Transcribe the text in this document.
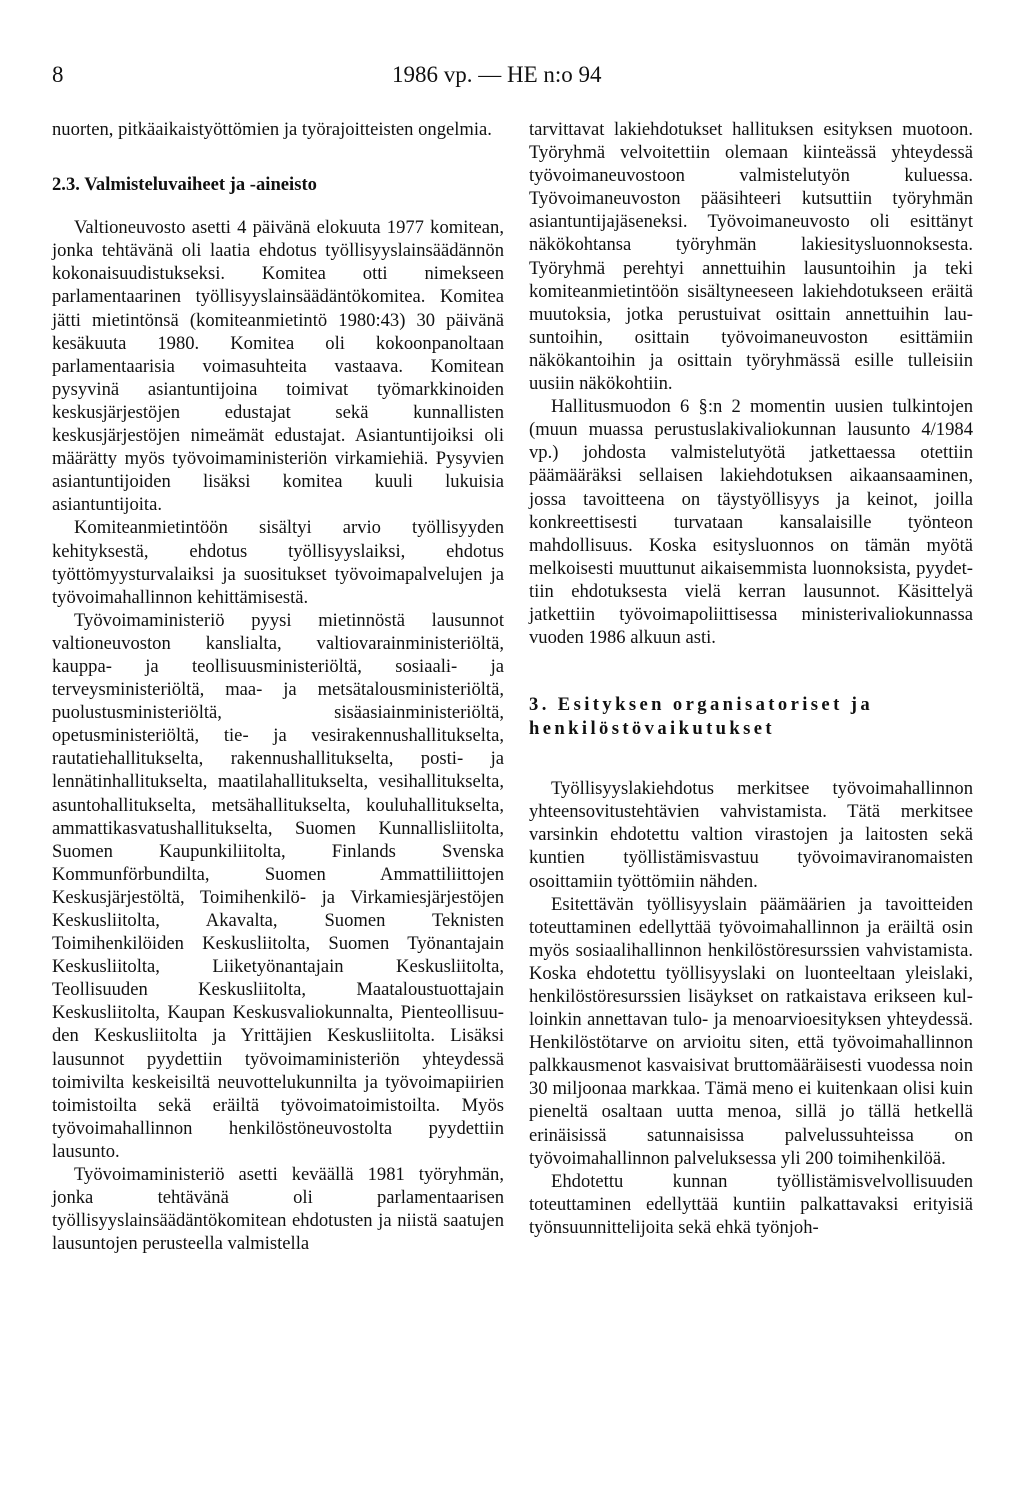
8	1986 vp. — HE n:o 94

nuorten, pitkäaikaistyöttömien ja työrajoitteisten ongelmia.

2.3. Valmisteluvaiheet ja -aineisto

Valtioneuvosto asetti 4 päivänä elokuuta 1977 komitean, jonka tehtävänä oli laatia ehdotus työllisyyslainsäädännön kokonaisuudistukseksi. Komitea otti nimekseen parlamentaarinen työllisyyslainsäädäntökomitea. Komitea jätti mietintönsä (komiteanmietintö 1980:43) 30 päivänä kesäkuuta 1980. Komitea oli kokoonpanoltaan parlamentaarisia voimasuhteita vastaava. Komitean pysyvinä asiantuntijoina toimivat työmarkkinoiden keskusjärjestöjen edustajat sekä kunnallisten keskusjärjestöjen nimeämät edustajat. Asiantuntijoiksi oli määrätty myös työvoimaministeriön virkamiehiä. Pysyvien asiantuntijoiden lisäksi komitea kuuli lukuisia asiantuntijoita.

Komiteanmietintöön sisältyi arvio työllisyyden kehityksestä, ehdotus työllisyyslaiksi, ehdotus työttömyysturvalaiksi ja suositukset työvoimapalvelujen ja työvoimahallinnon kehittämisestä.

Työvoimaministeriö pyysi mietinnöstä lausunnot valtioneuvoston kanslialta, valtiovarainministeriöltä, kauppa- ja teollisuusministeriöltä, sosiaali- ja terveysministeriöltä, maa- ja metsätalousministeriöltä, puolustusministeriöltä, sisäasiainministeriöltä, opetusministeriöltä, tie- ja vesirakennushallitukselta, rautatiehallitukselta, rakennushallitukselta, posti- ja lennätinhallitukselta, maatilahallitukselta, vesihallitukselta, asuntohallitukselta, metsähallitukselta, kouluhallitukselta, ammattikasvatushallitukselta, Suomen Kunnallisliitolta, Suomen Kaupunkiliitolta, Finlands Svenska Kommunförbundilta, Suomen Ammattiliittojen Keskusjärjestöltä, Toimihenkilö- ja Virkamiesjärjestöjen Keskusliitolta, Akavalta, Suomen Teknisten Toimihenkilöiden Keskusliitolta, Suomen Työnantajain Keskusliitolta, Liiketyönantajain Keskusliitolta, Teollisuuden Keskusliitolta, Maataloustuottajain Keskusliitolta, Kaupan Keskusvaliokunnalta, Pienteollisuuden Keskusliitolta ja Yrittäjien Keskusliitolta. Lisäksi lausunnot pyydettiin työvoimaministeriön yhteydessä toimivilta keskeisiltä neuvottelukunnilta ja työvoimapiirien toimistoilta sekä eräiltä työvoimatoimistoilta. Myös työvoimahallinnon henkilöstöneuvostolta pyydettiin lausunto.

Työvoimaministeriö asetti keväällä 1981 työryhmän, jonka tehtävänä oli parlamentaarisen työllisyyslainsäädäntökomitean ehdotusten ja niistä saatujen lausuntojen perusteella valmistella

tarvittavat lakiehdotukset hallituksen esityksen muotoon. Työryhmä velvoitettiin olemaan kiinteässä yhteydessä työvoimaneuvostoon valmistelutyön kuluessa. Työvoimaneuvoston pääsihteeri kutsuttiin työryhmän asiantuntijajäseneksi. Työvoimaneuvosto oli esittänyt näkökohtansa työryhmän lakiesitysluonnoksesta. Työryhmä perehtyi annettuihin lausuntoihin ja teki komiteanmietintöön sisältyneeseen lakiehdotukseen eräitä muutoksia, jotka perustuivat osittain annettuihin lausuntoihin, osittain työvoimaneuvoston esittämiin näkökantoihin ja osittain työryhmässä esille tulleisiin uusiin näkökohtiin.

Hallitusmuodon 6 §:n 2 momentin uusien tulkintojen (muun muassa perustuslakivaliokunnan lausunto 4/1984 vp.) johdosta valmistelutyötä jatkettaessa otettiin päämääräksi sellaisen lakiehdotuksen aikaansaaminen, jossa tavoitteena on täystyöllisyys ja keinot, joilla konkreettisesti turvataan kansalaisille työnteon mahdollisuus. Koska esitysluonnos on tämän myötä melkoisesti muuttunut aikaisemmista luonnoksista, pyydettiin ehdotuksesta vielä kerran lausunnot. Käsittelyä jatkettiin työvoimapoliittisessa ministerivaliokunnassa vuoden 1986 alkuun asti.

3. Esityksen organisatoriset ja henkilöstövaikutukset

Työllisyyslakiehdotus merkitsee työvoimahallinnon yhteensovitustehtävien vahvistamista. Tätä merkitsee varsinkin ehdotettu valtion virastojen ja laitosten sekä kuntien työllistämisvastuu työvoimaviranomaisten osoittamiin työttömiin nähden.

Esitettävän työllisyyslain päämäärien ja tavoitteiden toteuttaminen edellyttää työvoimahallinnon ja eräiltä osin myös sosiaalihallinnon henkilöstöresurssien vahvistamista. Koska ehdotettu työllisyyslaki on luonteeltaan yleislaki, henkilöstöresurssien lisäykset on ratkaistava erikseen kulloinkin annettavan tulo- ja menoarvioesityksen yhteydessä. Henkilöstötarve on arvioitu siten, että työvoimahallinnon palkkausmenot kasvaisivat bruttomääräisesti vuodessa noin 30 miljoonaa markkaa. Tämä meno ei kuitenkaan olisi kuin pieneltä osaltaan uutta menoa, sillä jo tällä hetkellä erinäisissä satunnaisissa palvelussuhteissa on työvoimahallinnon palveluksessa yli 200 toimihenkilöä.

Ehdotettu kunnan työllistämisvelvollisuuden toteuttaminen edellyttää kuntiin palkattavaksi erityisiä työnsuunnittelijoita sekä ehkä työnjoh-
